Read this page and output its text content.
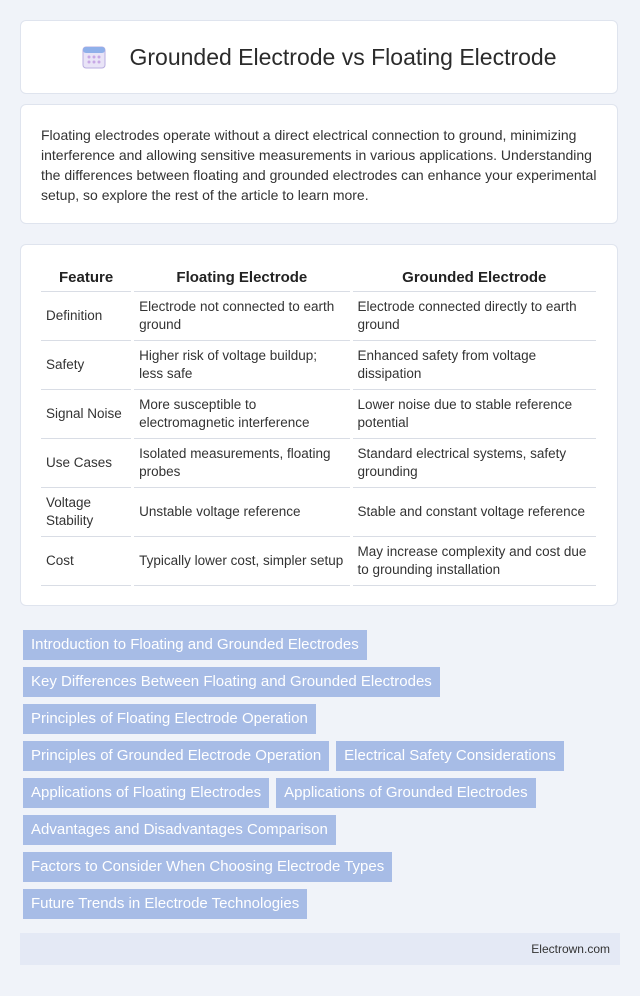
Grounded Electrode vs Floating Electrode

Floating electrodes operate without a direct electrical connection to ground, minimizing interference and allowing sensitive measurements in various applications. Understanding the differences between floating and grounded electrodes can enhance your experimental setup, so explore the rest of the article to learn more.

Feature	Floating Electrode	Grounded Electrode
Definition	Electrode not connected to earth ground	Electrode connected directly to earth ground
Safety	Higher risk of voltage buildup; less safe	Enhanced safety from voltage dissipation
Signal Noise	More susceptible to electromagnetic interference	Lower noise due to stable reference potential
Use Cases	Isolated measurements, floating probes	Standard electrical systems, safety grounding
Voltage Stability	Unstable voltage reference	Stable and constant voltage reference
Cost	Typically lower cost, simpler setup	May increase complexity and cost due to grounding installation
Introduction to Floating and Grounded Electrodes
Key Differences Between Floating and Grounded Electrodes
Principles of Floating Electrode Operation
Principles of Grounded Electrode Operation	Electrical Safety Considerations
Applications of Floating Electrodes	Applications of Grounded Electrodes
Advantages and Disadvantages Comparison
Factors to Consider When Choosing Electrode Types
Future Trends in Electrode Technologies
Electrown.com
